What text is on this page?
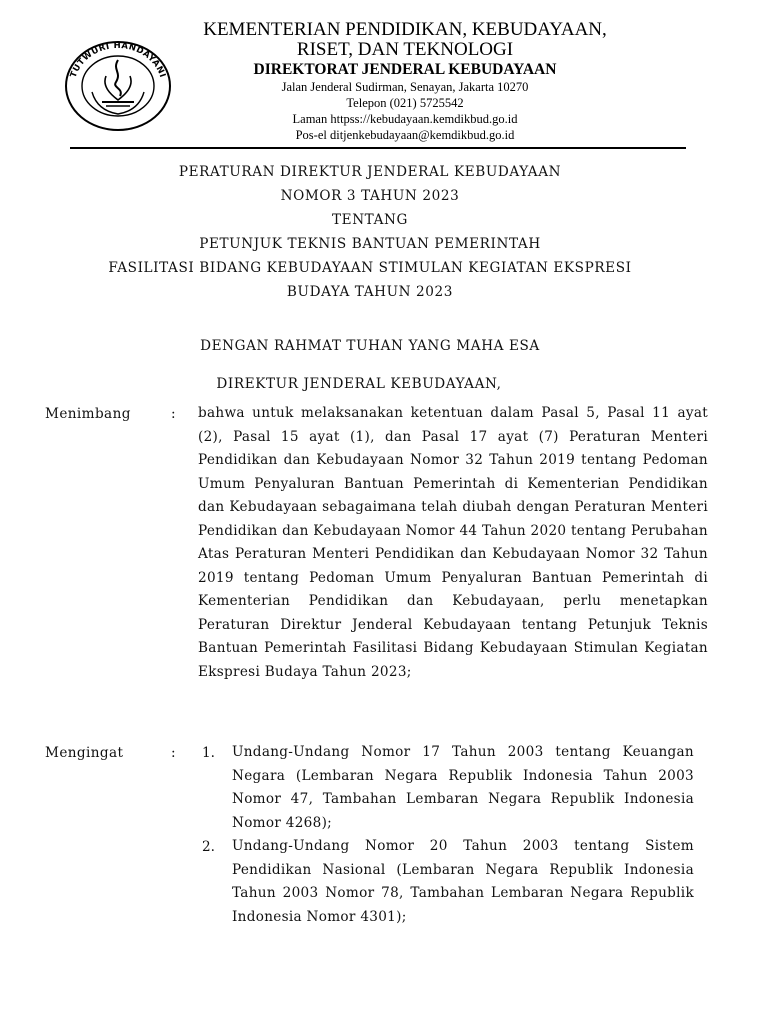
TUTWURI HANDAYANI
KEMENTERIAN PENDIDIKAN, KEBUDAYAAN,
RISET, DAN TEKNOLOGI
DIREKTORAT JENDERAL KEBUDAYAAN
Jalan Jenderal Sudirman, Senayan, Jakarta 10270
Telepon (021) 5725542
Laman httpss://kebudayaan.kemdikbud.go.id
Pos-el ditjenkebudayaan@kemdikbud.go.id
PERATURAN DIREKTUR JENDERAL KEBUDAYAAN
NOMOR 3 TAHUN 2023
TENTANG
PETUNJUK TEKNIS BANTUAN PEMERINTAH
FASILITASI BIDANG KEBUDAYAAN STIMULAN KEGIATAN EKSPRESI
BUDAYA TAHUN 2023
DENGAN RAHMAT TUHAN YANG MAHA ESA
DIREKTUR JENDERAL KEBUDAYAAN,
Menimbang	: bahwa untuk melaksanakan ketentuan dalam Pasal 5, Pasal 11 ayat (2), Pasal 15 ayat (1), dan Pasal 17 ayat (7) Peraturan Menteri Pendidikan dan Kebudayaan Nomor 32 Tahun 2019 tentang Pedoman Umum Penyaluran Bantuan Pemerintah di Kementerian Pendidikan dan Kebudayaan sebagaimana telah diubah dengan Peraturan Menteri Pendidikan dan Kebudayaan Nomor 44 Tahun 2020 tentang Perubahan Atas Peraturan Menteri Pendidikan dan Kebudayaan Nomor 32 Tahun 2019 tentang Pedoman Umum Penyaluran Bantuan Pemerintah di Kementerian Pendidikan dan Kebudayaan, perlu menetapkan Peraturan Direktur Jenderal Kebudayaan tentang Petunjuk Teknis Bantuan Pemerintah Fasilitasi Bidang Kebudayaan Stimulan Kegiatan Ekspresi Budaya Tahun 2023;
Mengingat	: 1. Undang-Undang Nomor 17 Tahun 2003 tentang Keuangan Negara (Lembaran Negara Republik Indonesia Tahun 2003 Nomor 47, Tambahan Lembaran Negara Republik Indonesia Nomor 4268);
2. Undang-Undang Nomor 20 Tahun 2003 tentang Sistem Pendidikan Nasional (Lembaran Negara Republik Indonesia Tahun 2003 Nomor 78, Tambahan Lembaran Negara Republik Indonesia Nomor 4301);
